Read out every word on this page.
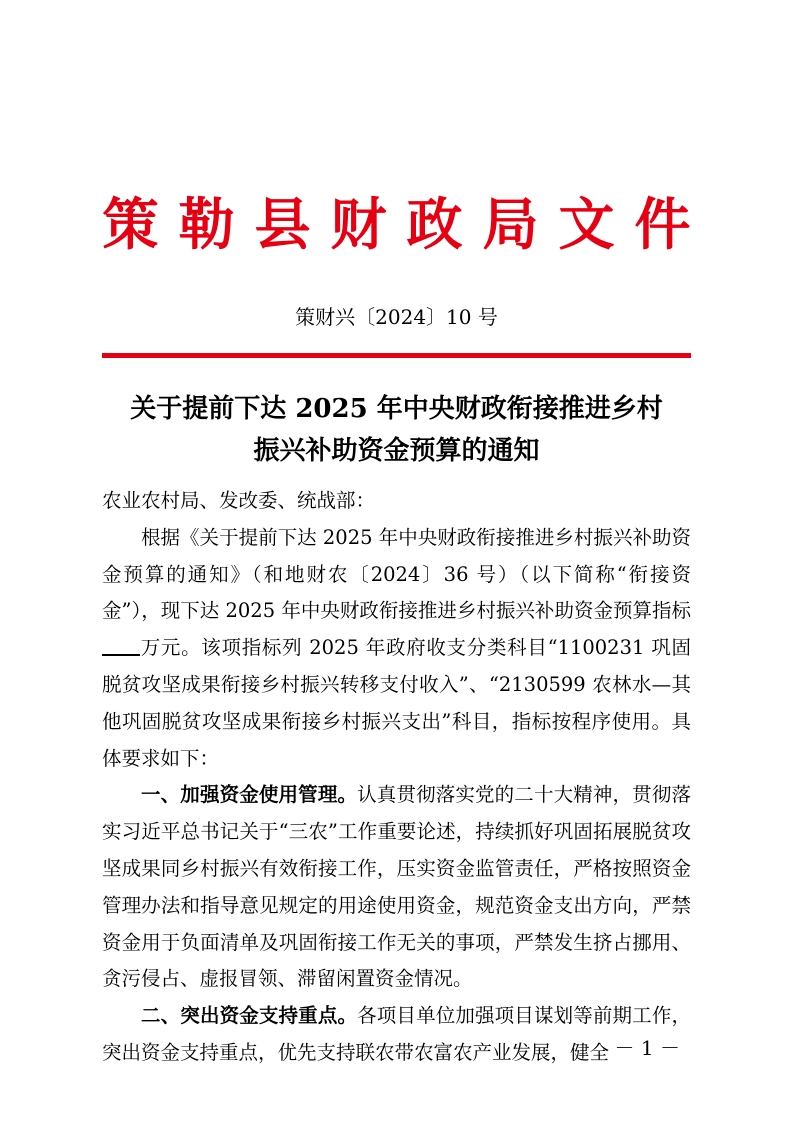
策勒县财政局文件
策财兴〔2024〕10 号
关于提前下达 2025 年中央财政衔接推进乡村
振兴补助资金预算的通知

农业农村局、发改委、统战部：

根据《关于提前下达 2025 年中央财政衔接推进乡村振兴补助资金预算的通知》（和地财农〔2024〕36 号）（以下简称“衔接资金”），现下达 2025 年中央财政衔接推进乡村振兴补助资金预算指标万元。该项指标列 2025 年政府收支分类科目“1100231 巩固脱贫攻坚成果衔接乡村振兴转移支付收入”、“2130599 农林水—其他巩固脱贫攻坚成果衔接乡村振兴支出”科目，指标按程序使用。具体要求如下：

一、加强资金使用管理。认真贯彻落实党的二十大精神，贯彻落实习近平总书记关于“三农”工作重要论述，持续抓好巩固拓展脱贫攻坚成果同乡村振兴有效衔接工作，压实资金监管责任，严格按照资金管理办法和指导意见规定的用途使用资金，规范资金支出方向，严禁资金用于负面清单及巩固衔接工作无关的事项，严禁发生挤占挪用、贪污侵占、虚报冒领、滞留闲置资金情况。

二、突出资金支持重点。各项目单位加强项目谋划等前期工作，突出资金支持重点，优先支持联农带农富农产业发展，健全 － 1 －
